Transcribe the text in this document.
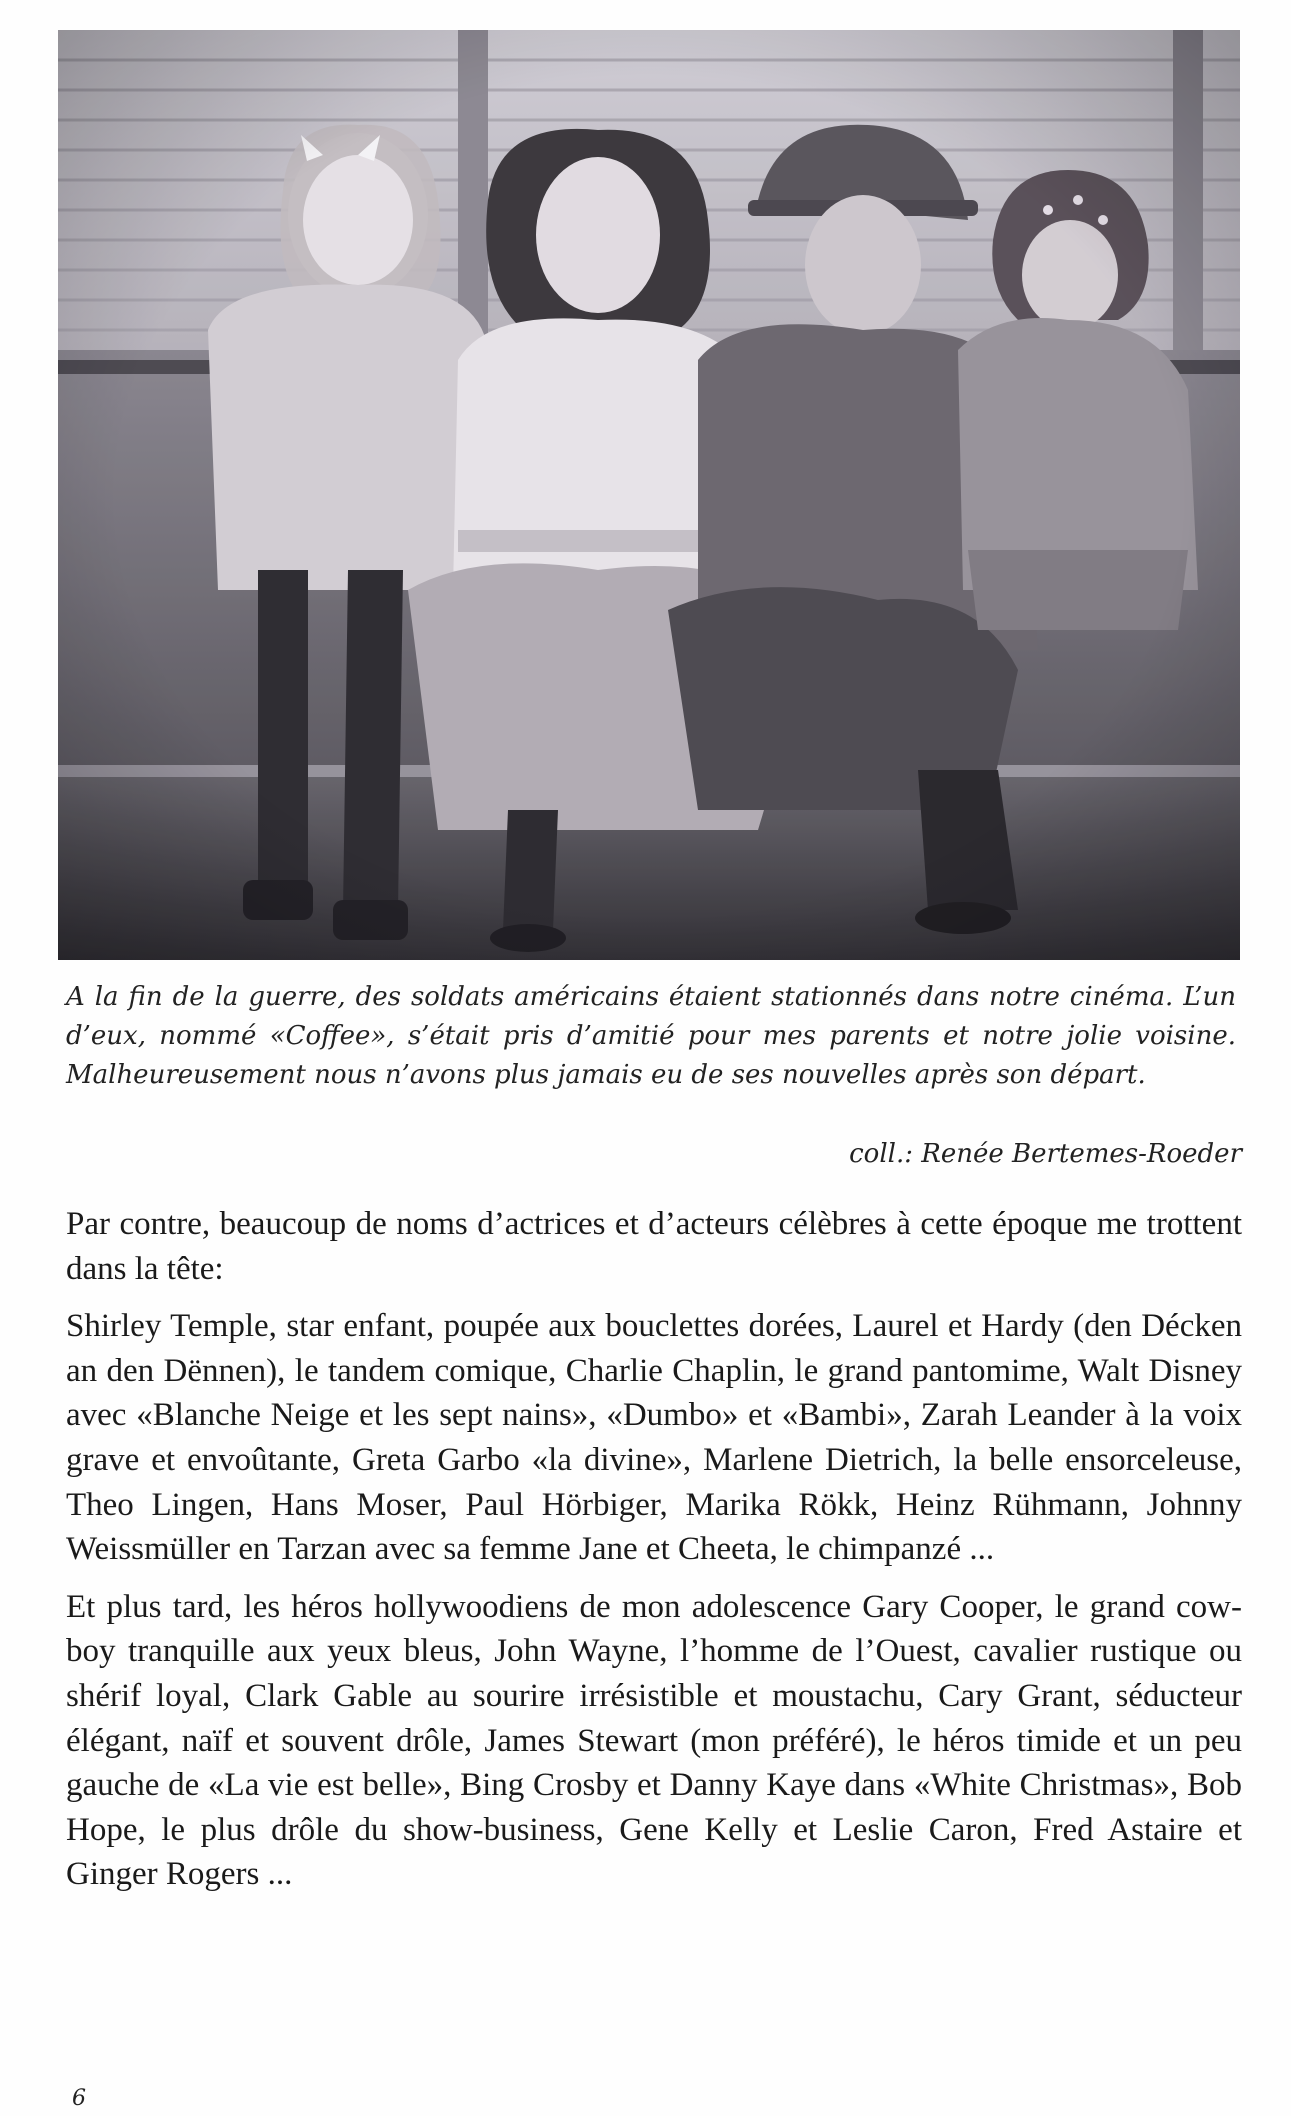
A la fin de la guerre, des soldats américains étaient stationnés dans notre cinéma. L’un d’eux, nommé «Coffee», s’était pris d’amitié pour mes parents et notre jolie voisine. Malheureusement nous n’avons plus jamais eu de ses nouvelles après son départ.
coll.: Renée Bertemes-Roeder

Par contre, beaucoup de noms d’actrices et d’acteurs célèbres à cette époque me trottent dans la tête:

Shirley Temple, star enfant, poupée aux bouclettes dorées, Laurel et Hardy (den Décken an den Dënnen), le tandem comique, Charlie Chaplin, le grand pantomime, Walt Disney avec «Blanche Neige et les sept nains», «Dumbo» et «Bambi», Zarah Leander à la voix grave et envoûtante, Greta Garbo «la divine», Marlene Dietrich, la belle ensorceleuse, Theo Lingen, Hans Moser, Paul Hörbiger, Marika Rökk, Heinz Rühmann, Johnny Weissmüller en Tarzan avec sa femme Jane et Cheeta, le chimpanzé ...

Et plus tard, les héros hollywoodiens de mon adolescence Gary Cooper, le grand cow-boy tranquille aux yeux bleus, John Wayne, l’homme de l’Ouest, cavalier rustique ou shérif loyal, Clark Gable au sourire irrésistible et moustachu, Cary Grant, séducteur élégant, naïf et souvent drôle, James Stewart (mon préféré), le héros timide et un peu gauche de «La vie est belle», Bing Crosby et Danny Kaye dans «White Christmas», Bob Hope, le plus drôle du show-business, Gene Kelly et Leslie Caron, Fred Astaire et Ginger Rogers ...

6
